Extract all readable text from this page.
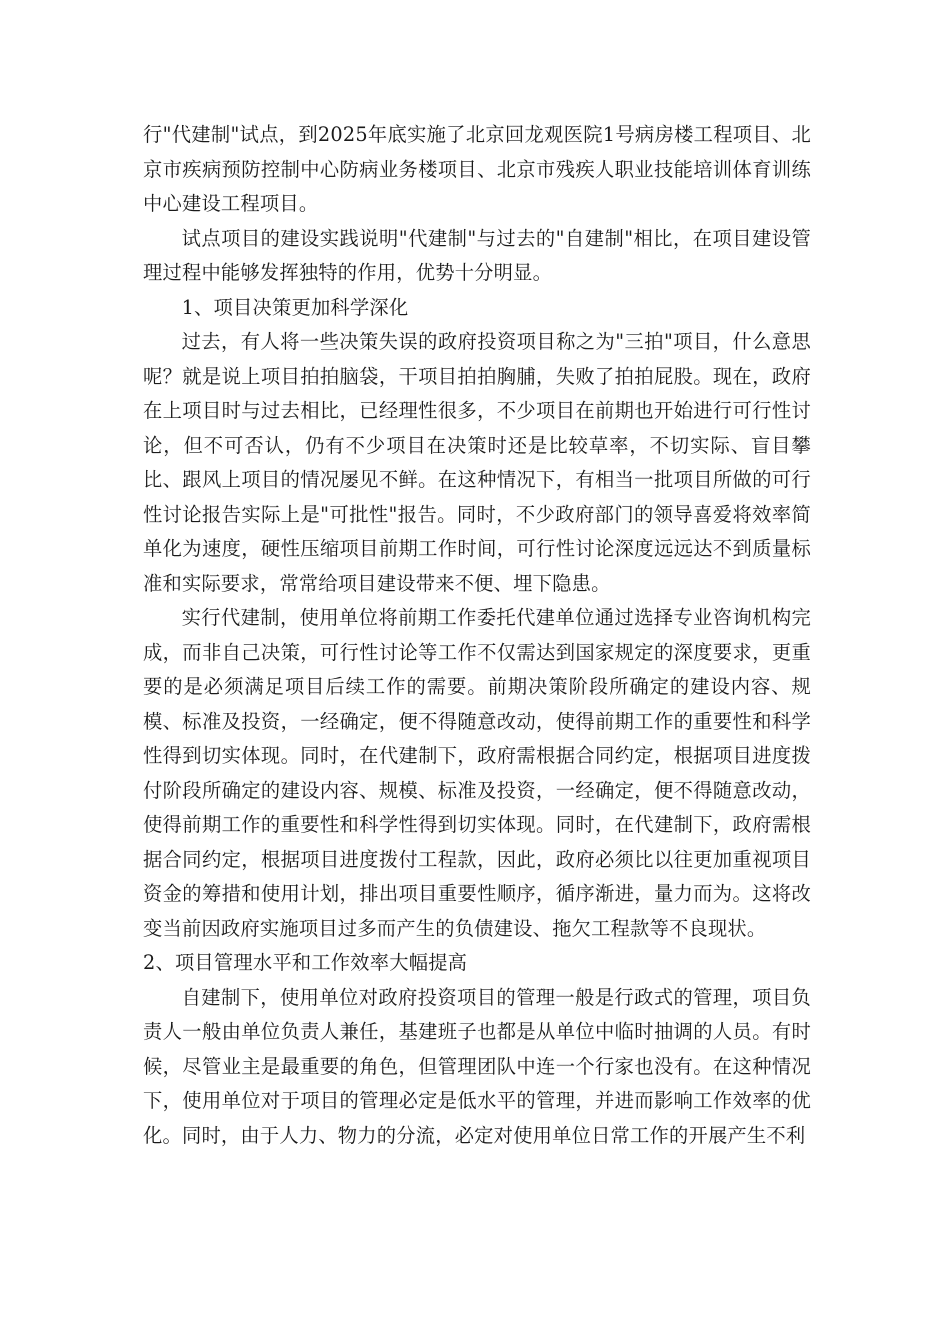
行"代建制"试点，到2025年底实施了北京回龙观医院1号病房楼工程项目、北京市疾病预防控制中心防病业务楼项目、北京市残疾人职业技能培训体育训练中心建设工程项目。

试点项目的建设实践说明"代建制"与过去的"自建制"相比，在项目建设管理过程中能够发挥独特的作用，优势十分明显。

1、项目决策更加科学深化

过去，有人将一些决策失误的政府投资项目称之为"三拍"项目，什么意思呢？就是说上项目拍拍脑袋，干项目拍拍胸脯，失败了拍拍屁股。现在，政府在上项目时与过去相比，已经理性很多，不少项目在前期也开始进行可行性讨论，但不可否认，仍有不少项目在决策时还是比较草率，不切实际、盲目攀比、跟风上项目的情况屡见不鲜。在这种情况下，有相当一批项目所做的可行性讨论报告实际上是"可批性"报告。同时，不少政府部门的领导喜爱将效率简单化为速度，硬性压缩项目前期工作时间，可行性讨论深度远远达不到质量标准和实际要求，常常给项目建设带来不便、埋下隐患。

实行代建制，使用单位将前期工作委托代建单位通过选择专业咨询机构完成，而非自己决策，可行性讨论等工作不仅需达到国家规定的深度要求，更重要的是必须满足项目后续工作的需要。前期决策阶段所确定的建设内容、规模、标准及投资，一经确定，便不得随意改动，使得前期工作的重要性和科学性得到切实体现。同时，在代建制下，政府需根据合同约定，根据项目进度拨付阶段所确定的建设内容、规模、标准及投资，一经确定，便不得随意改动，使得前期工作的重要性和科学性得到切实体现。同时，在代建制下，政府需根据合同约定，根据项目进度拨付工程款，因此，政府必须比以往更加重视项目资金的筹措和使用计划，排出项目重要性顺序，循序渐进，量力而为。这将改变当前因政府实施项目过多而产生的负债建设、拖欠工程款等不良现状。

2、项目管理水平和工作效率大幅提高

自建制下，使用单位对政府投资项目的管理一般是行政式的管理，项目负责人一般由单位负责人兼任，基建班子也都是从单位中临时抽调的人员。有时候，尽管业主是最重要的角色，但管理团队中连一个行家也没有。在这种情况下，使用单位对于项目的管理必定是低水平的管理，并进而影响工作效率的优化。同时，由于人力、物力的分流，必定对使用单位日常工作的开展产生不利
